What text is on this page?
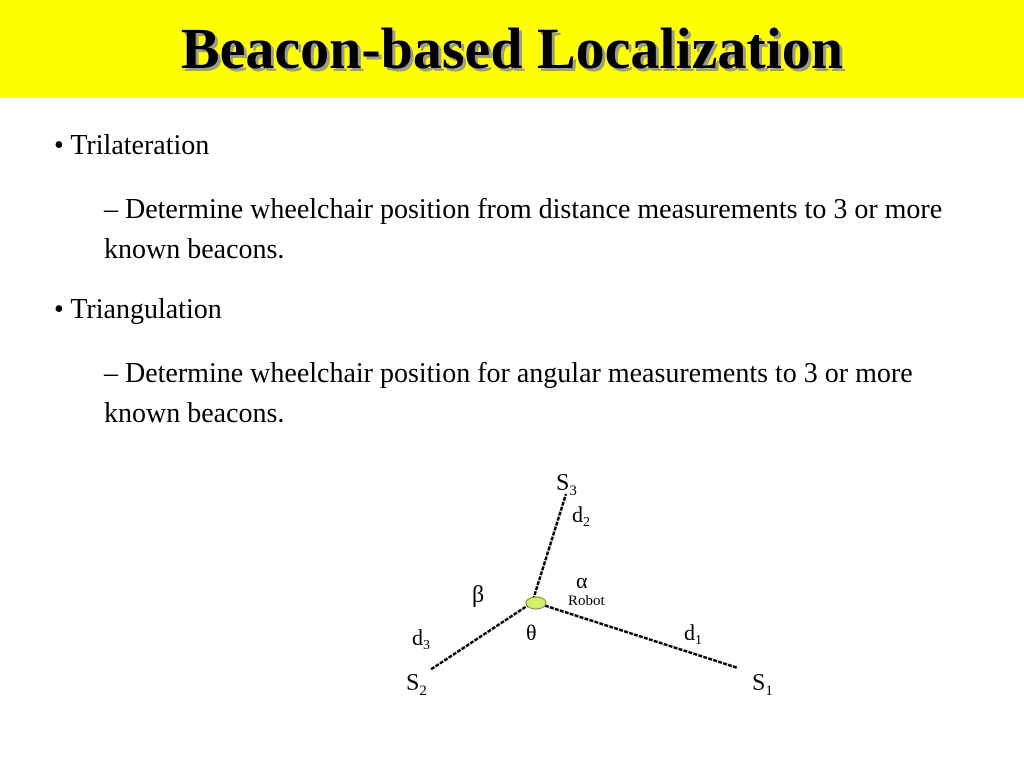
Beacon-based Localization
• Trilateration
– Determine wheelchair position from distance measurements to 3 or more known beacons.
• Triangulation
– Determine wheelchair position for angular measurements to 3 or more known beacons.
$S_3$
$S_2$	$S_1$
d2
d3
d1
α
β
θ
Robot
